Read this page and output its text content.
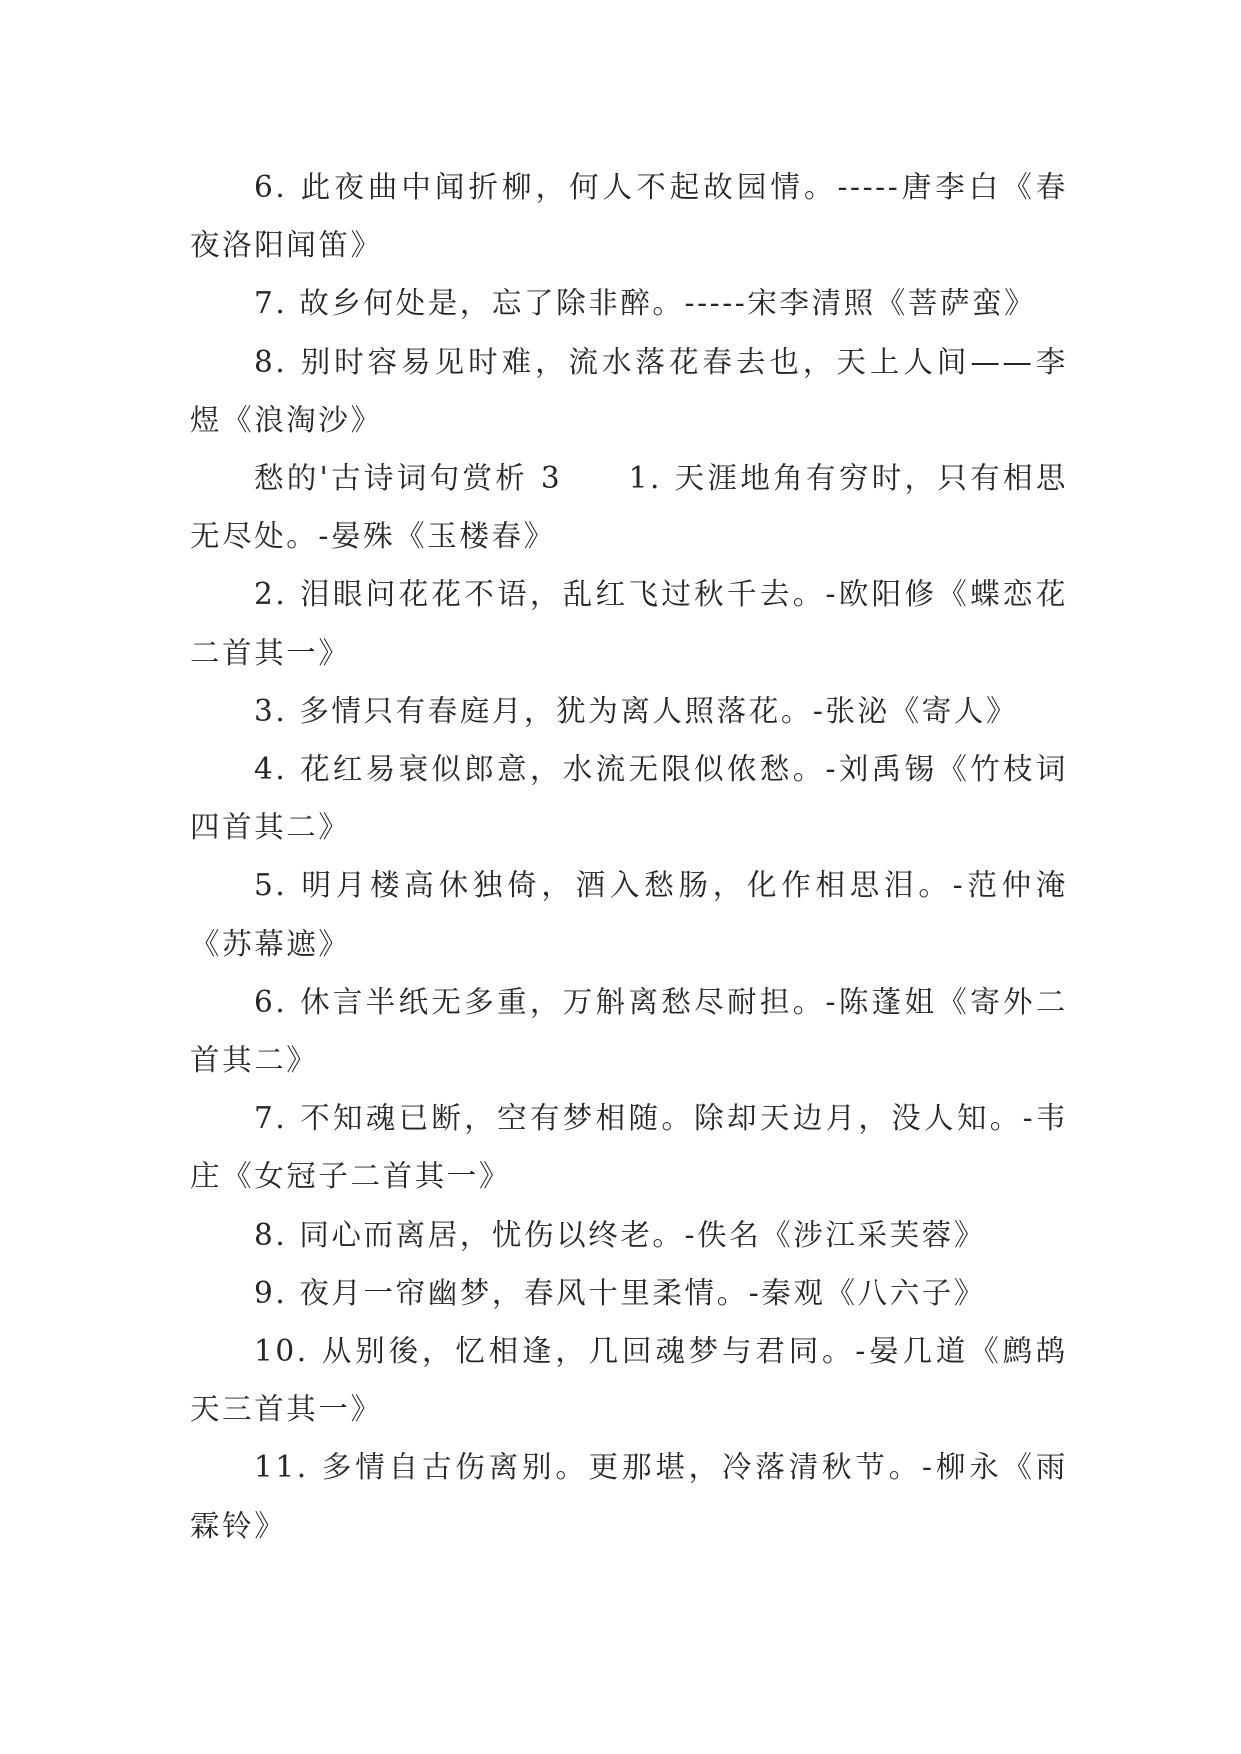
6. 此夜曲中闻折柳，何人不起故园情。-----唐李白《春夜洛阳闻笛》

7. 故乡何处是，忘了除非醉。-----宋李清照《菩萨蛮》

8. 别时容易见时难，流水落花春去也，天上人间——李煜《浪淘沙》

愁的'古诗词句赏析 3　　1. 天涯地角有穷时，只有相思无尽处。-晏殊《玉楼春》

2. 泪眼问花花不语，乱红飞过秋千去。-欧阳修《蝶恋花二首其一》

3. 多情只有春庭月，犹为离人照落花。-张泌《寄人》

4. 花红易衰似郎意，水流无限似侬愁。-刘禹锡《竹枝词四首其二》

5. 明月楼高休独倚，酒入愁肠，化作相思泪。-范仲淹《苏幕遮》

6. 休言半纸无多重，万斛离愁尽耐担。-陈蓬姐《寄外二首其二》

7. 不知魂已断，空有梦相随。除却天边月，没人知。-韦庄《女冠子二首其一》

8. 同心而离居，忧伤以终老。-佚名《涉江采芙蓉》

9. 夜月一帘幽梦，春风十里柔情。-秦观《八六子》

10. 从别後，忆相逢，几回魂梦与君同。-晏几道《鹧鸪天三首其一》

11. 多情自古伤离别。更那堪，冷落清秋节。-柳永《雨霖铃》
